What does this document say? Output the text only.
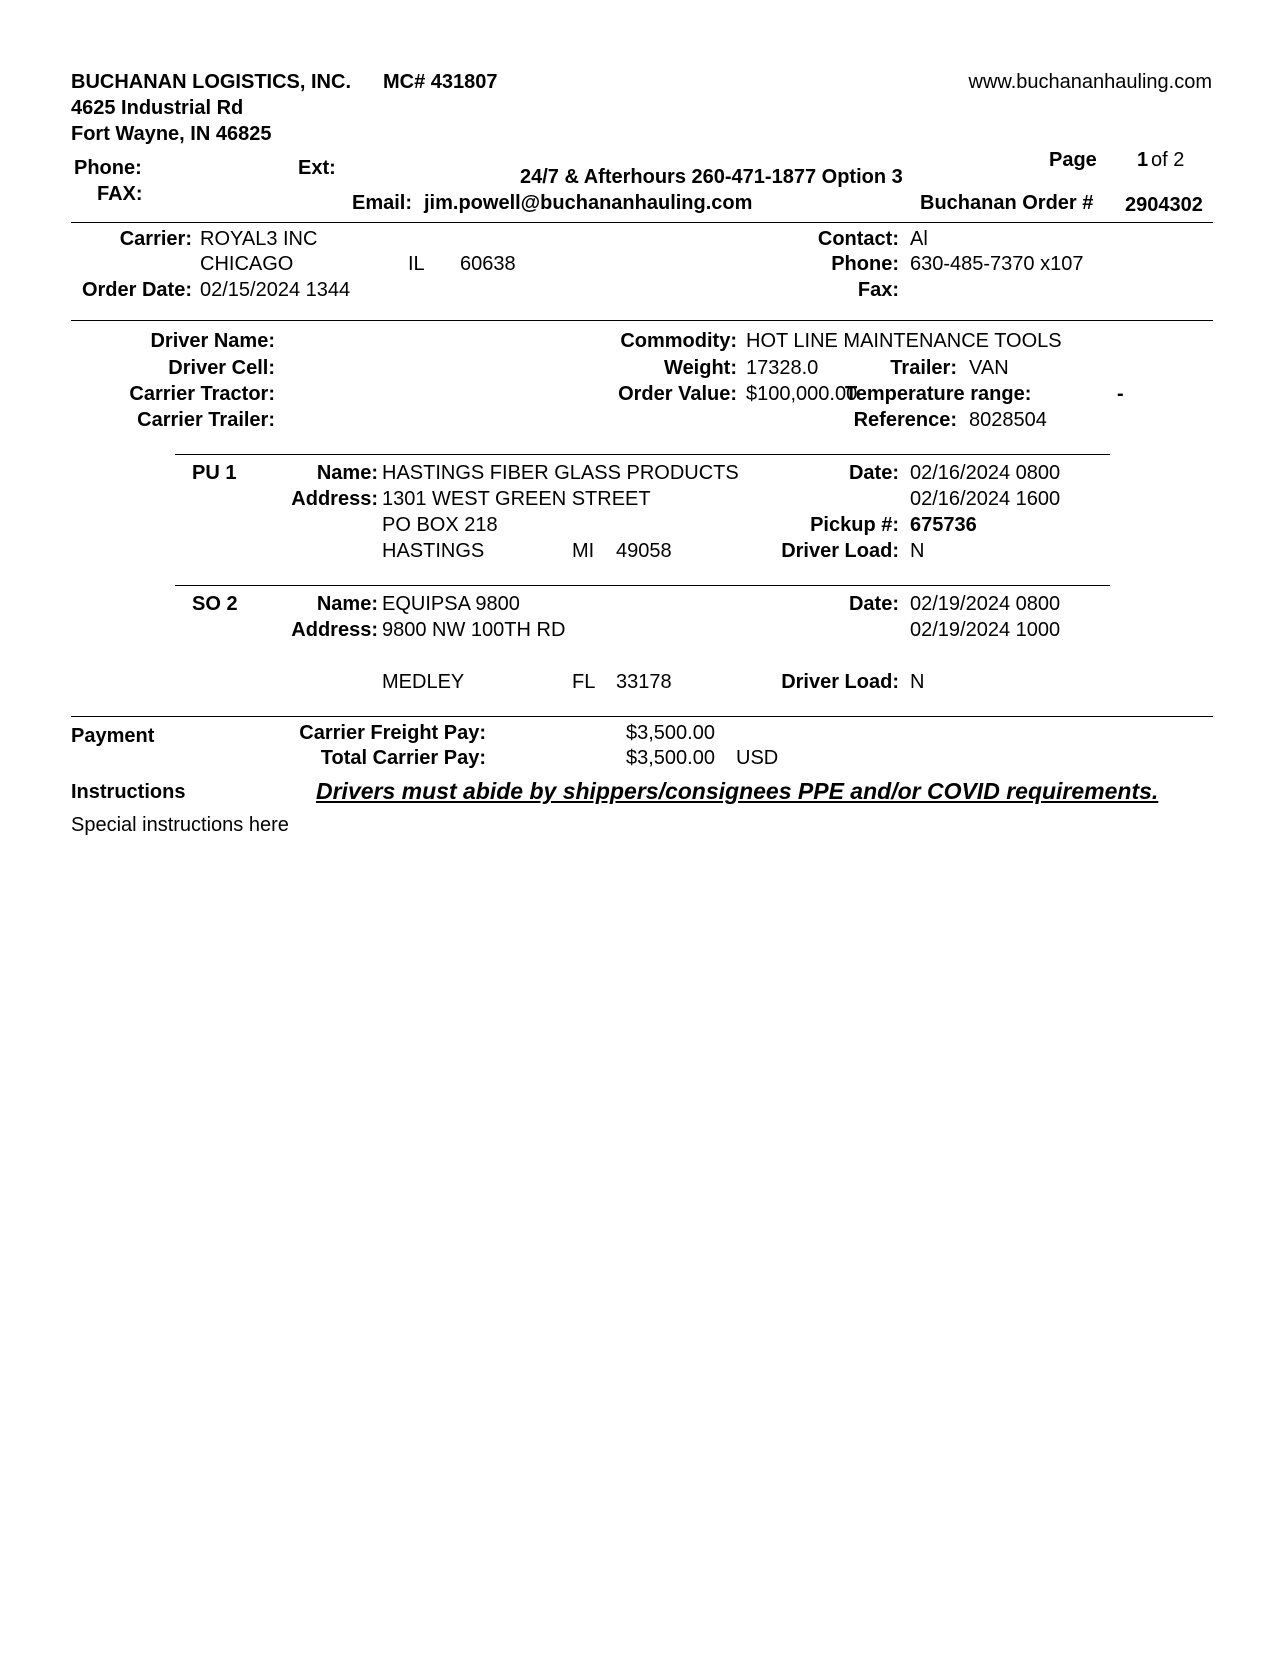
BUCHANAN LOGISTICS, INC. MC# 431807	www.buchananhauling.com
4625 Industrial Rd
Fort Wayne, IN 46825
Phone:
FAX:
Ext:	24/7 & Afterhours 260-471-1877 Option 3
Email: jim.powell@buchananhauling.com
Page 1 of 2
Buchanan Order # 2904302
Carrier: ROYAL3 INC
CHICAGO	IL 60638
Order Date: 02/15/2024 1344
Contact: Al
Phone: 630-485-7370 x107
Fax:
Driver Name:
Driver Cell:
Carrier Tractor:
Carrier Trailer:
Commodity: HOT LINE MAINTENANCE TOOLS
Weight: 17328.0	Trailer: VAN
Order Value: $100,000.00
Temperature range:	-
Reference: 8028504
PU 1	Name: HASTINGS FIBER GLASS PRODUCTS
Address: 1301 WEST GREEN STREET
PO BOX 218
HASTINGS	MI 49058
Date: 02/16/2024 0800
02/16/2024 1600
Pickup #: 675736
Driver Load: N
SO 2	Name: EQUIPSA 9800
Address: 9800 NW 100TH RD
MEDLEY	FL 33178
Date: 02/19/2024 0800
02/19/2024 1000
Driver Load: N
Payment	Carrier Freight Pay:	$3,500.00
Total Carrier Pay:	$3,500.00 USD
Instructions	Drivers must abide by shippers/consignees PPE and/or COVID requirements.
Special instructions here
